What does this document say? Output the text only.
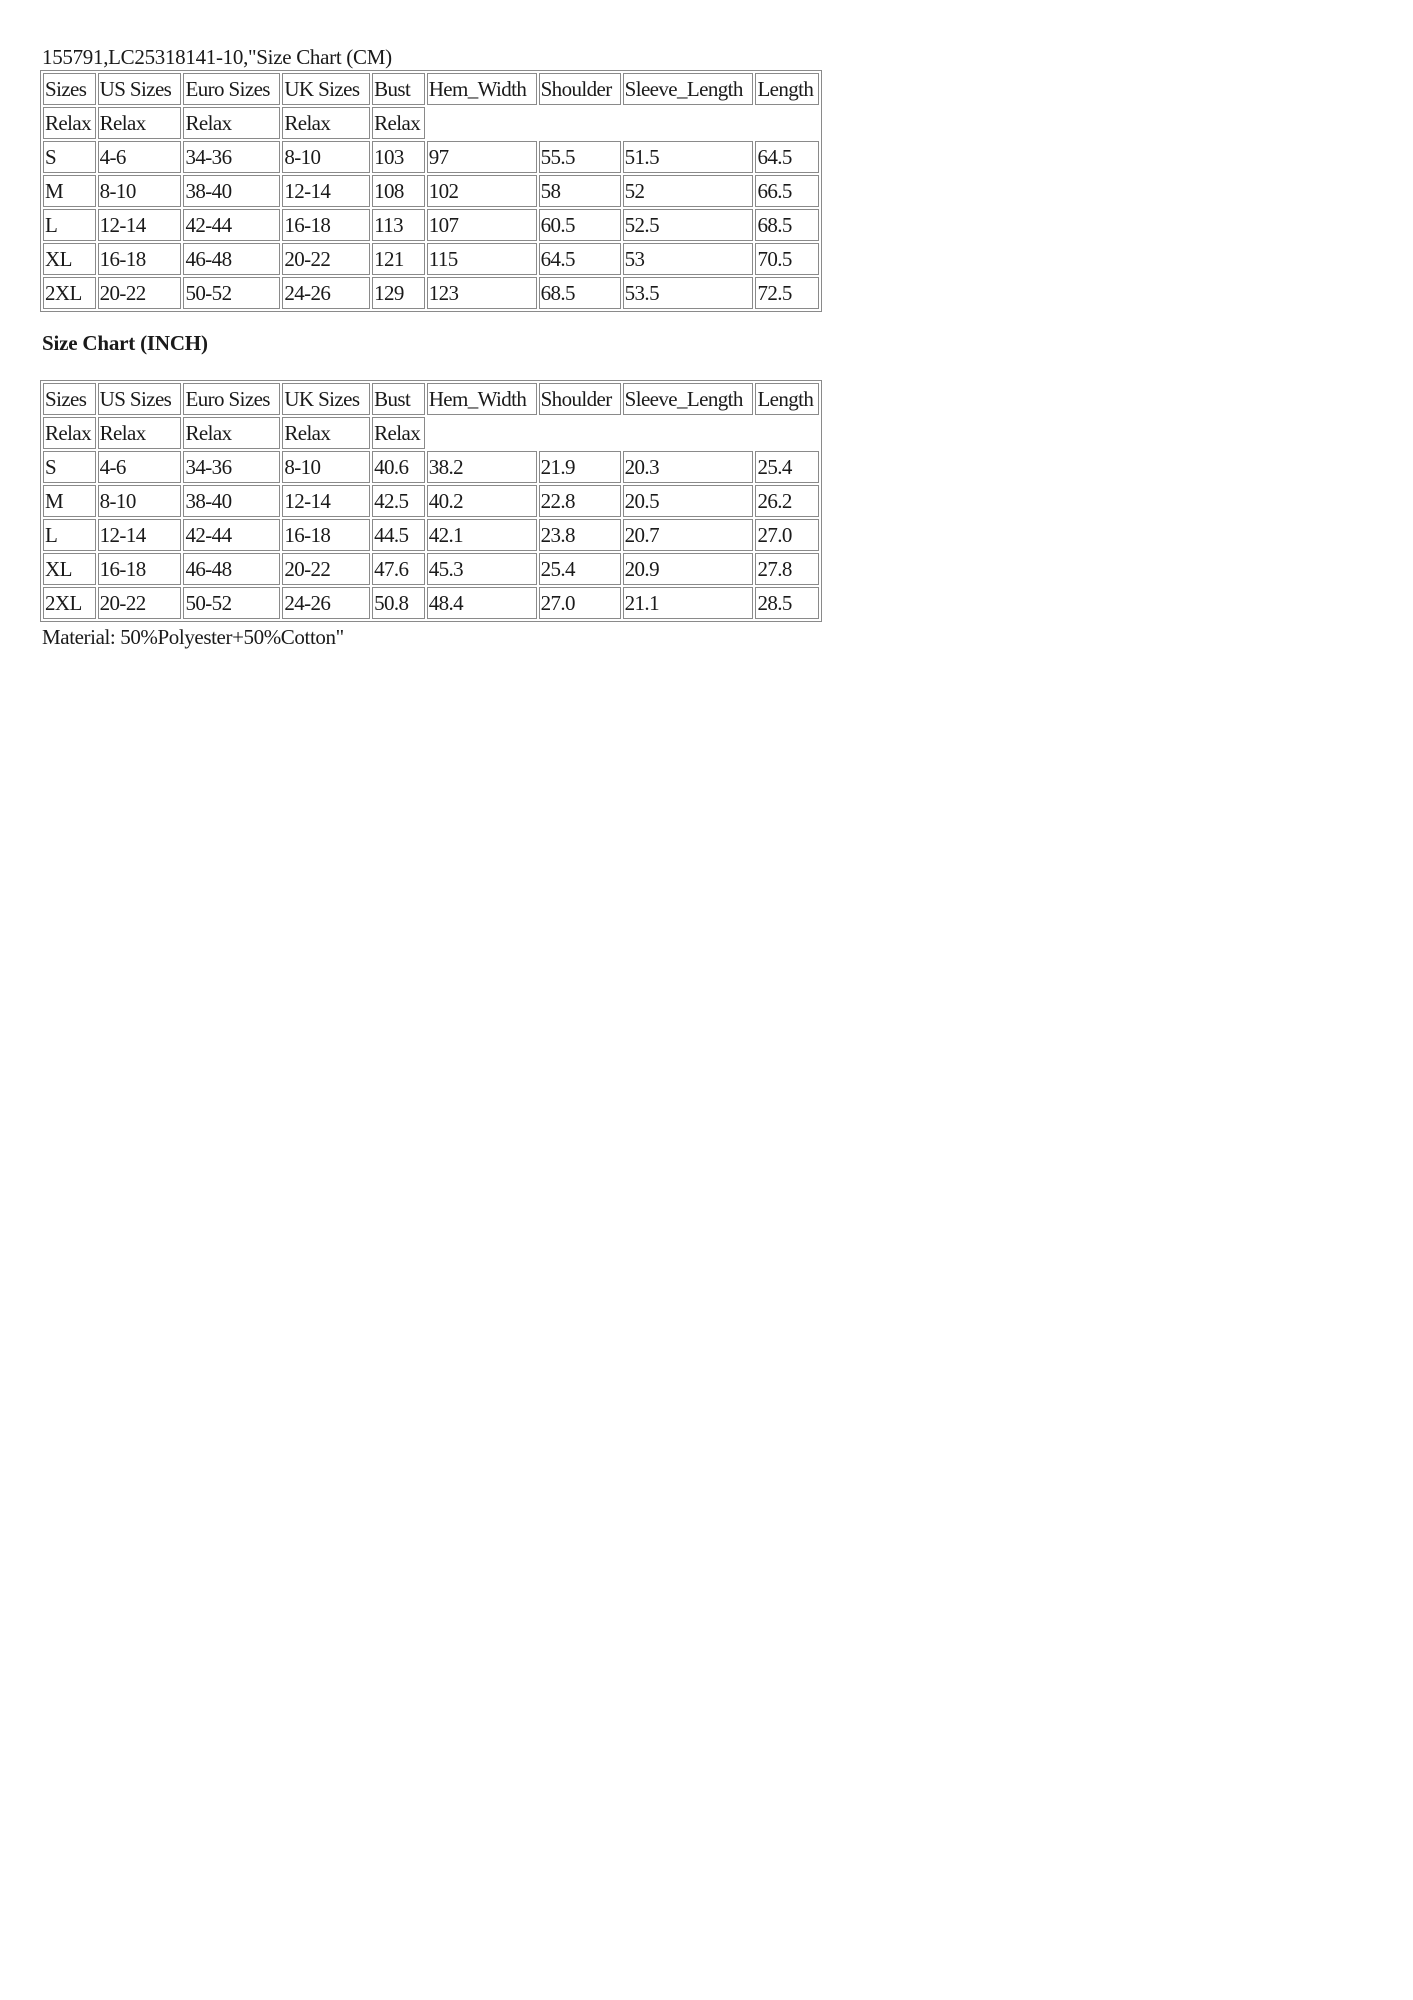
155791,LC25318141-10,"Size Chart (CM)
Sizes	US Sizes	Euro Sizes	UK Sizes	Bust	Hem_Width	Shoulder	Sleeve_Length	Length
Relax	Relax	Relax	Relax	Relax				
S	4-6	34-36	8-10	103	97	55.5	51.5	64.5
M	8-10	38-40	12-14	108	102	58	52	66.5
L	12-14	42-44	16-18	113	107	60.5	52.5	68.5
XL	16-18	46-48	20-22	121	115	64.5	53	70.5
2XL	20-22	50-52	24-26	129	123	68.5	53.5	72.5
Size Chart (INCH)
Sizes	US Sizes	Euro Sizes	UK Sizes	Bust	Hem_Width	Shoulder	Sleeve_Length	Length
Relax	Relax	Relax	Relax	Relax				
S	4-6	34-36	8-10	40.6	38.2	21.9	20.3	25.4
M	8-10	38-40	12-14	42.5	40.2	22.8	20.5	26.2
L	12-14	42-44	16-18	44.5	42.1	23.8	20.7	27.0
XL	16-18	46-48	20-22	47.6	45.3	25.4	20.9	27.8
2XL	20-22	50-52	24-26	50.8	48.4	27.0	21.1	28.5
Material: 50%Polyester+50%Cotton"
